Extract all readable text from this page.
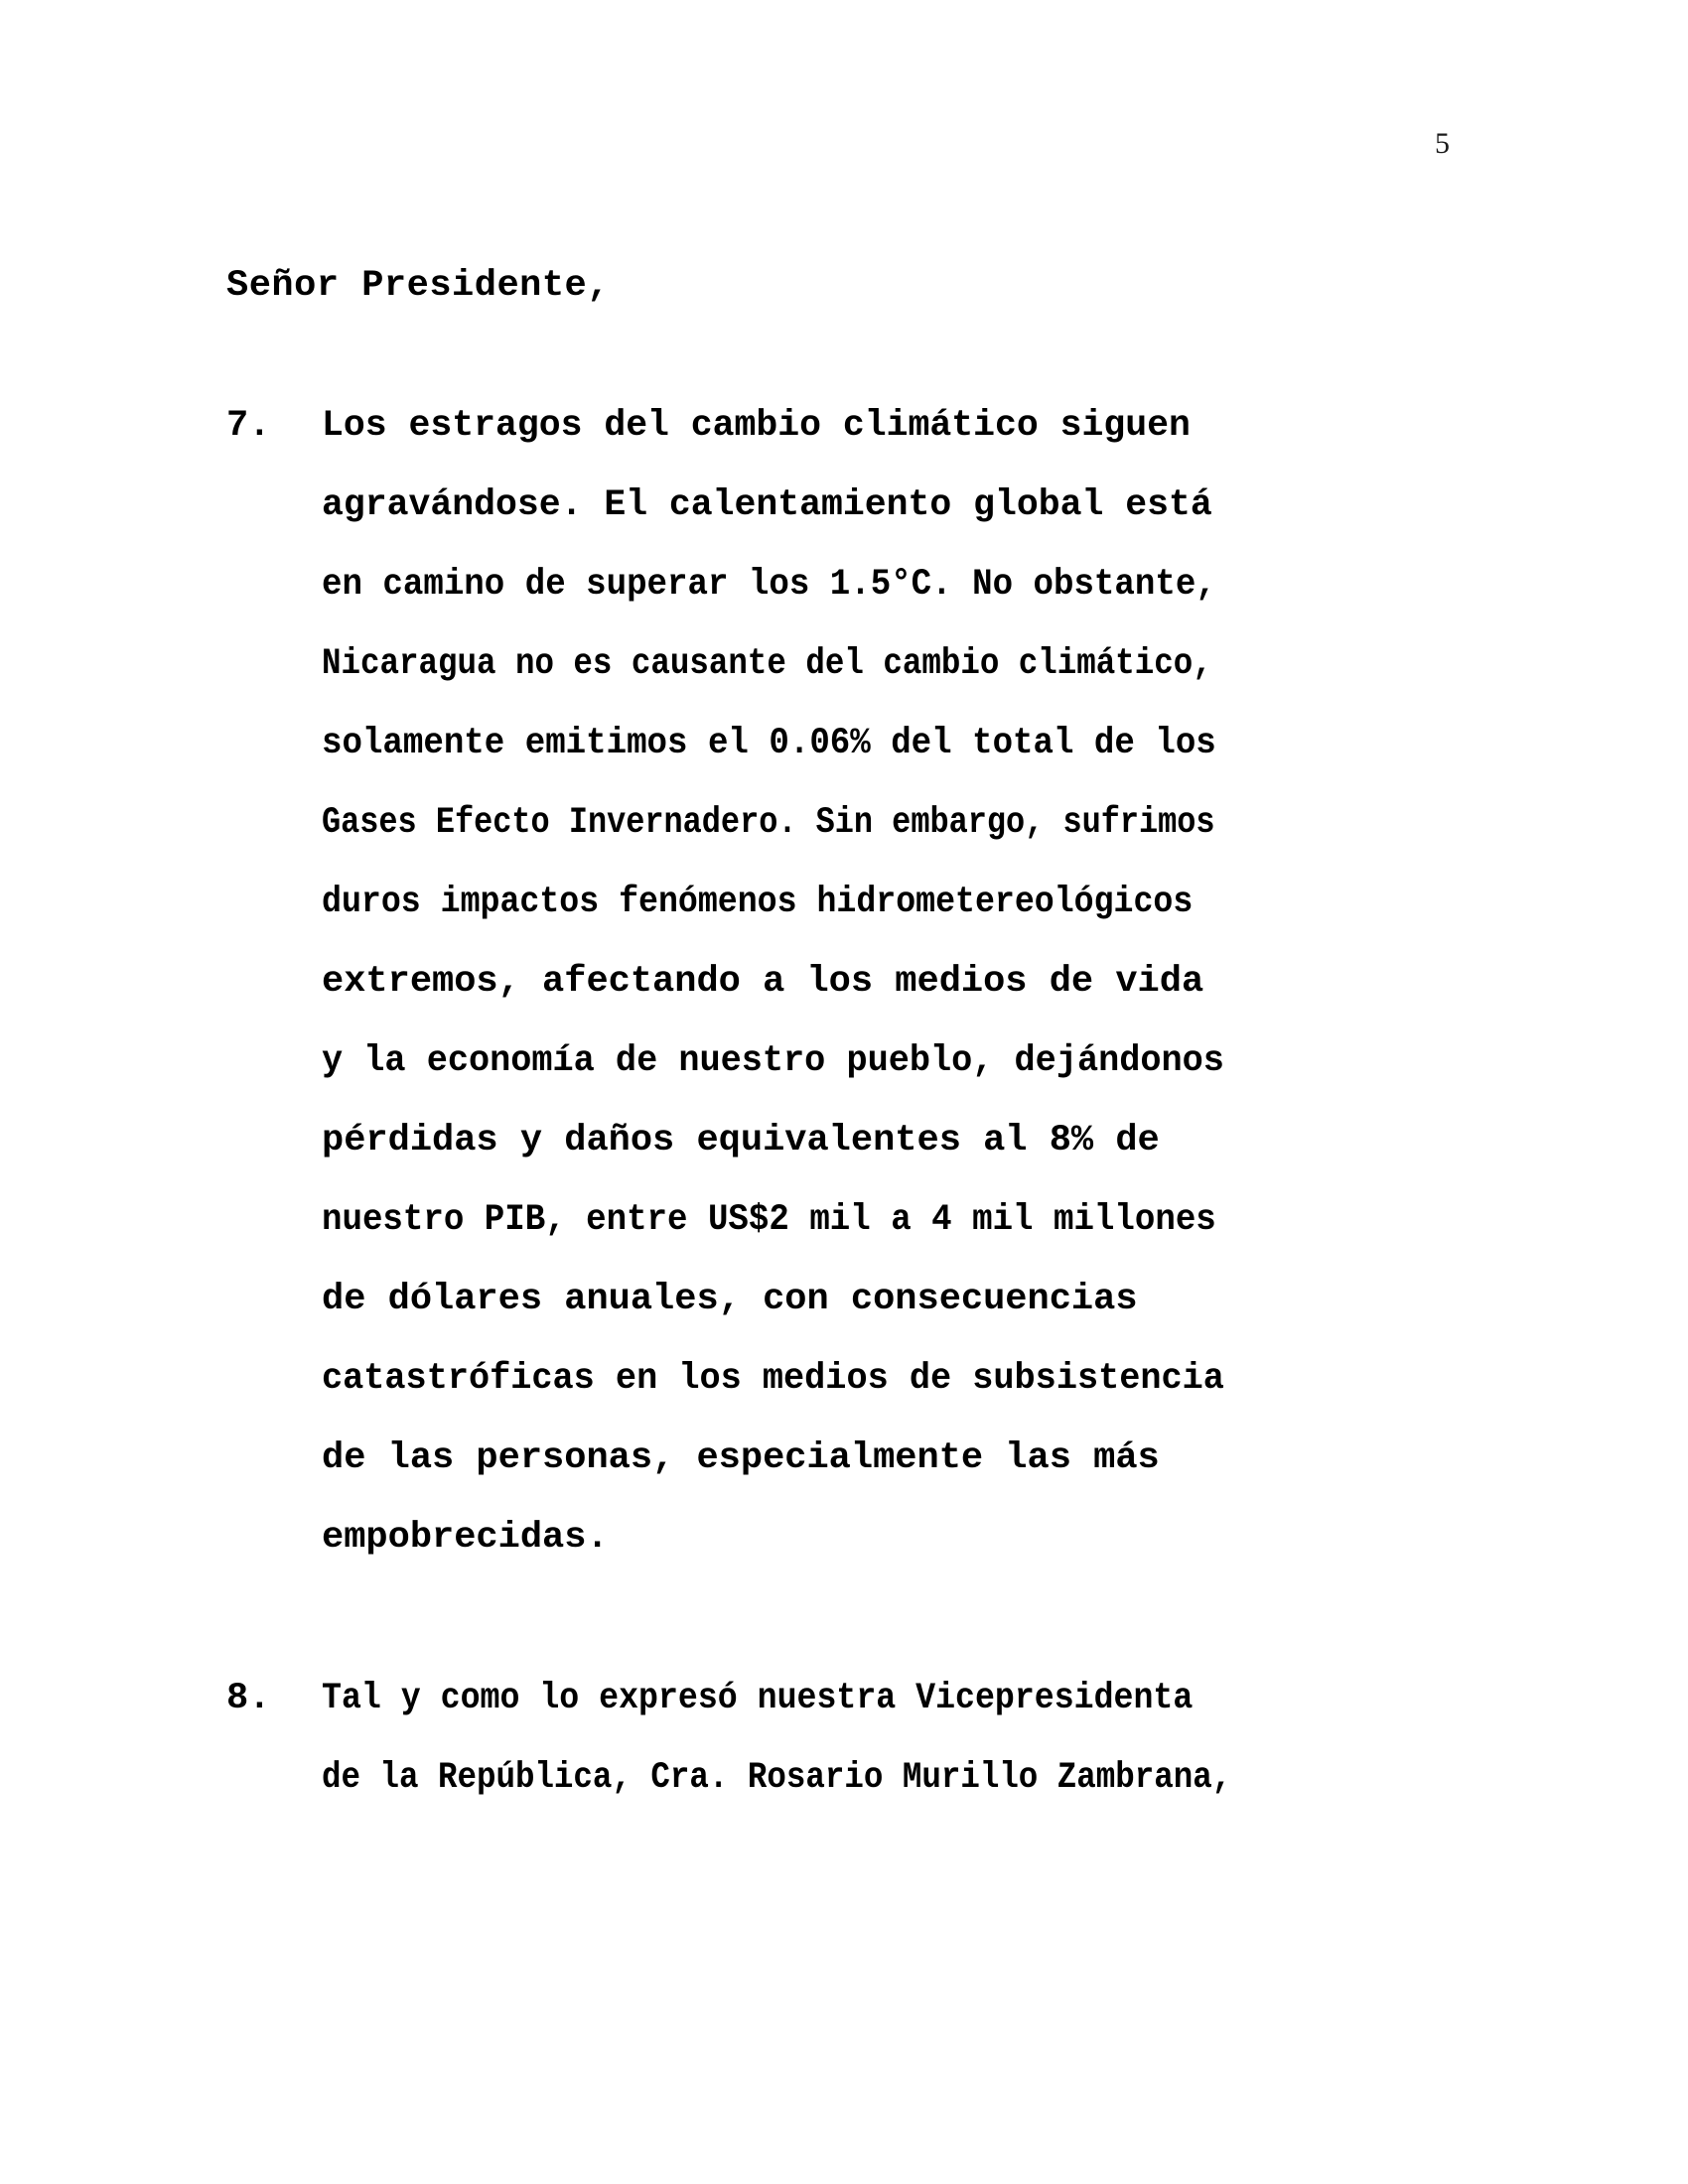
5
Señor Presidente,
7.	Los estragos del cambio climático siguen
agravándose. El calentamiento global está
en camino de superar los 1.5°C. No obstante,
Nicaragua no es causante del cambio climático,
solamente emitimos el 0.06% del total de los
Gases Efecto Invernadero. Sin embargo, sufrimos
duros impactos fenómenos hidrometereológicos
extremos, afectando a los medios de vida
y la economía de nuestro pueblo, dejándonos
pérdidas y daños equivalentes al 8% de
nuestro PIB, entre US$2 mil a 4 mil millones
de dólares anuales, con consecuencias
catastróficas en los medios de subsistencia
de las personas, especialmente las más
empobrecidas.
8.	Tal y como lo expresó nuestra Vicepresidenta
de la República, Cra. Rosario Murillo Zambrana,
